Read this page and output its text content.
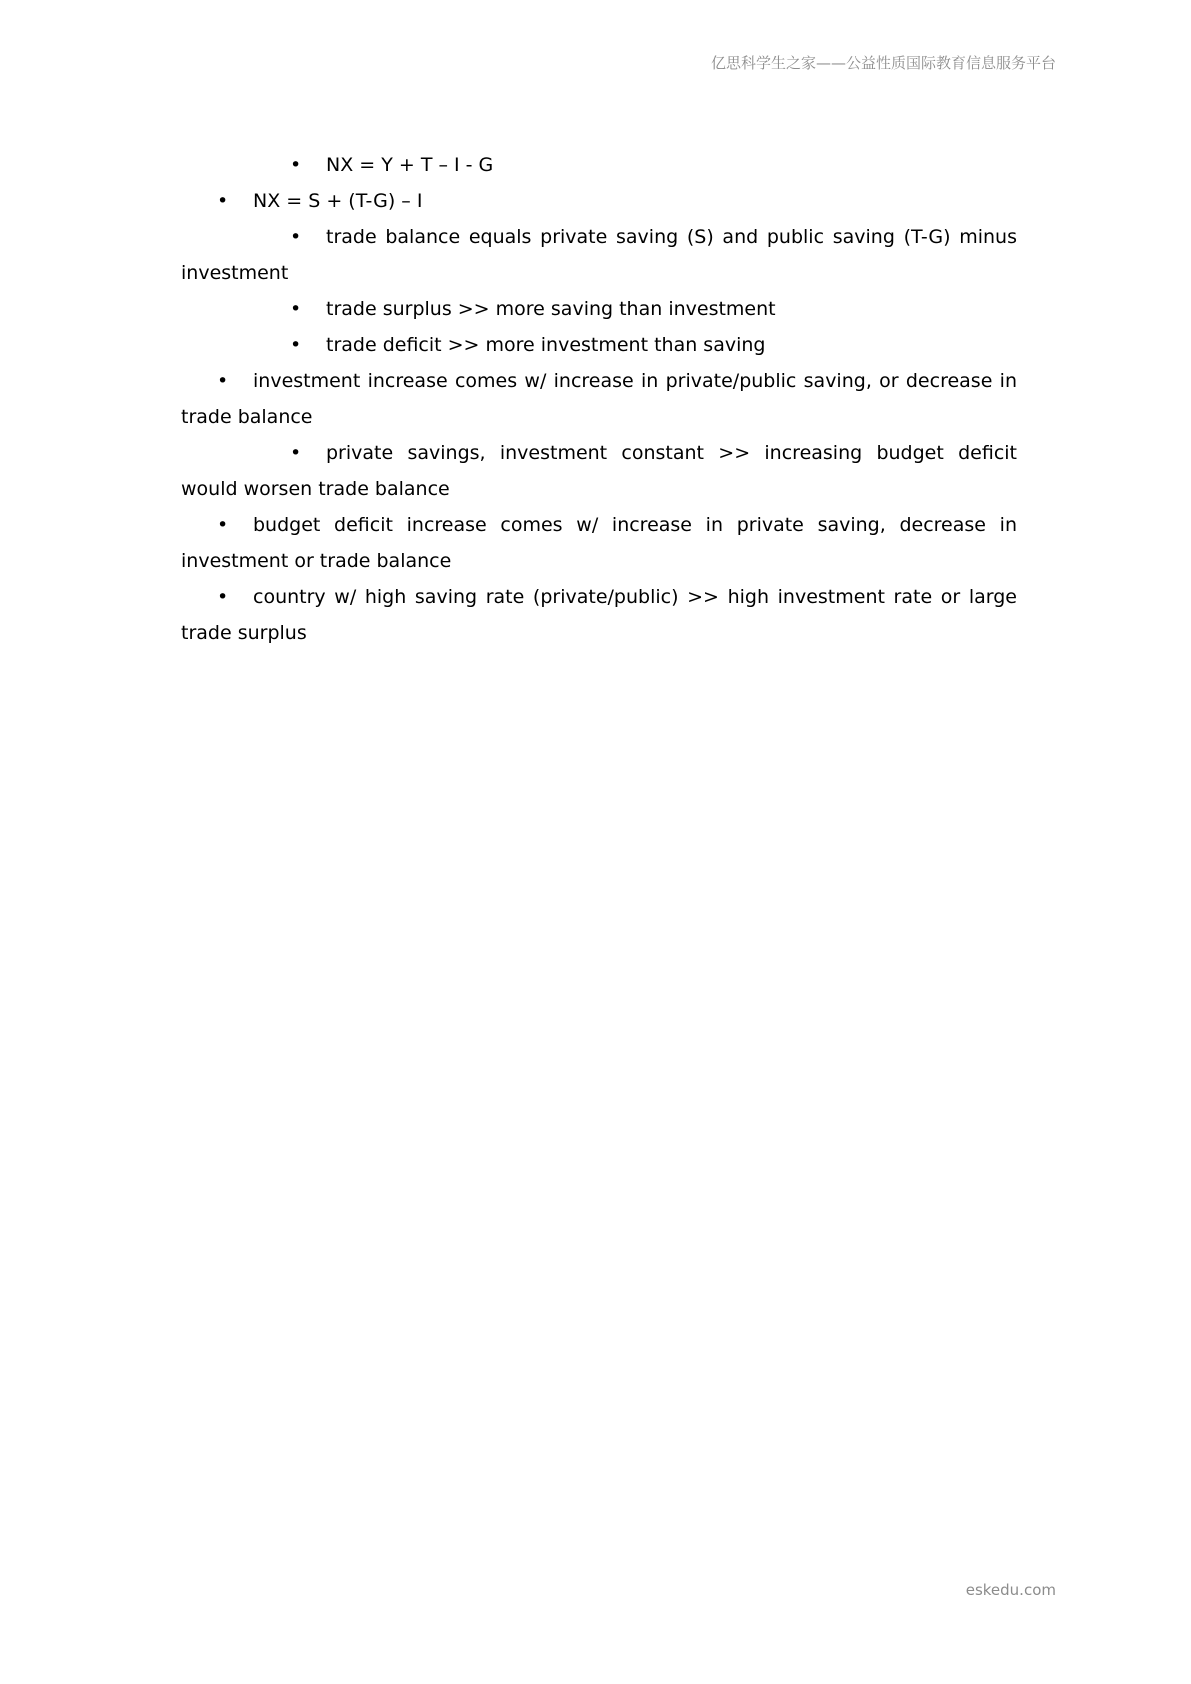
亿思科学生之家——公益性质国际教育信息服务平台
• NX = Y + T – I - G
• NX = S + (T-G) – I
• trade balance equals private saving (S) and public saving (T-G) minus investment
• trade surplus >> more saving than investment
• trade deficit >> more investment than saving
• investment increase comes w/ increase in private/public saving, or decrease in trade balance
• private savings, investment constant >> increasing budget deficit would worsen trade balance
• budget deficit increase comes w/ increase in private saving, decrease in investment or trade balance
• country w/ high saving rate (private/public) >> high investment rate or large trade surplus
eskedu.com
